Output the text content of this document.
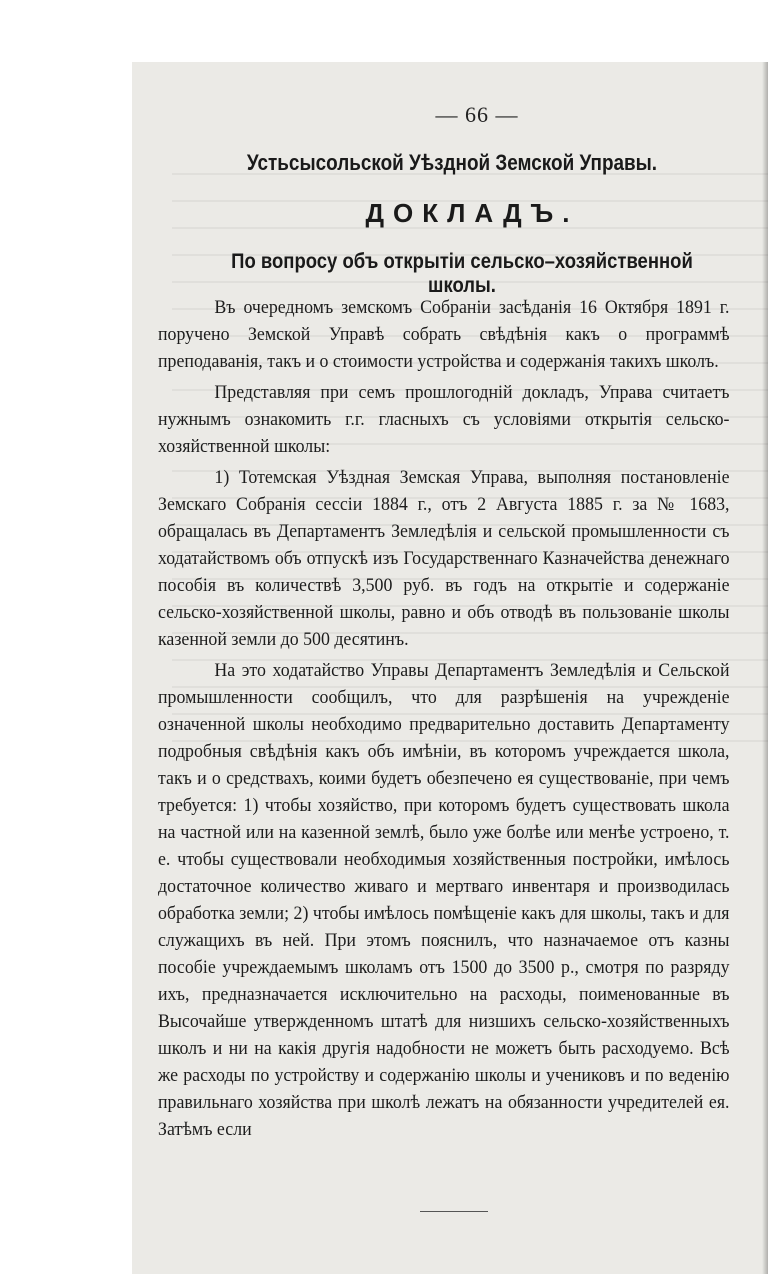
— 66 —
Устьсысольской Уѣздной Земской Управы.
ДОКЛАДЪ.
По вопросу объ открытіи сельско–хозяйственной школы.

Въ очередномъ земскомъ Собраніи засѣданія 16 Октября 1891 г. поручено Земской Управѣ собрать свѣдѣнія какъ о программѣ преподаванія, такъ и о стоимости устройства и содержанія такихъ школъ.

Представляя при семъ прошлогодній докладъ, Управа считаетъ нужнымъ ознакомить г.г. гласныхъ съ условіями открытія сельско-хозяйственной школы:

1) Тотемская Уѣздная Земская Управа, выполняя постановленіе Земскаго Собранія сессіи 1884 г., отъ 2 Августа 1885 г. за № 1683, обращалась въ Департаментъ Земледѣлія и сельской промышленности съ ходатайствомъ объ отпускѣ изъ Государственнаго Казначейства денежнаго пособія въ количествѣ 3,500 руб. въ годъ на открытіе и содержаніе сельско-хозяйственной школы, равно и объ отводѣ въ пользованіе школы казенной земли до 500 десятинъ.

На это ходатайство Управы Департаментъ Земледѣлія и Сельской промышленности сообщилъ, что для разрѣшенія на учрежденіе означенной школы необходимо предварительно доставить Департаменту подробныя свѣдѣнія какъ объ имѣніи, въ которомъ учреждается школа, такъ и о средствахъ, коими будетъ обезпечено ея существованіе, при чемъ требуется: 1) чтобы хозяйство, при которомъ будетъ существовать школа на частной или на казенной землѣ, было уже болѣе или менѣе устроено, т. е. чтобы существовали необходимыя хозяйственныя постройки, имѣлось достаточное количество живаго и мертваго инвентаря и производилась обработка земли; 2) чтобы имѣлось помѣщеніе какъ для школы, такъ и для служащихъ въ ней. При этомъ пояснилъ, что назначаемое отъ казны пособіе учреждаемымъ школамъ отъ 1500 до 3500 р., смотря по разряду ихъ, предназначается исключительно на расходы, поименованные въ Высочайше утвержденномъ штатѣ для низшихъ сельско-хозяйственныхъ школъ и ни на какія другія надобности не можетъ быть расходуемо. Всѣ же расходы по устройству и содержанію школы и учениковъ и по веденію правильнаго хозяйства при школѣ лежатъ на обязанности учредителей ея. Затѣмъ если
